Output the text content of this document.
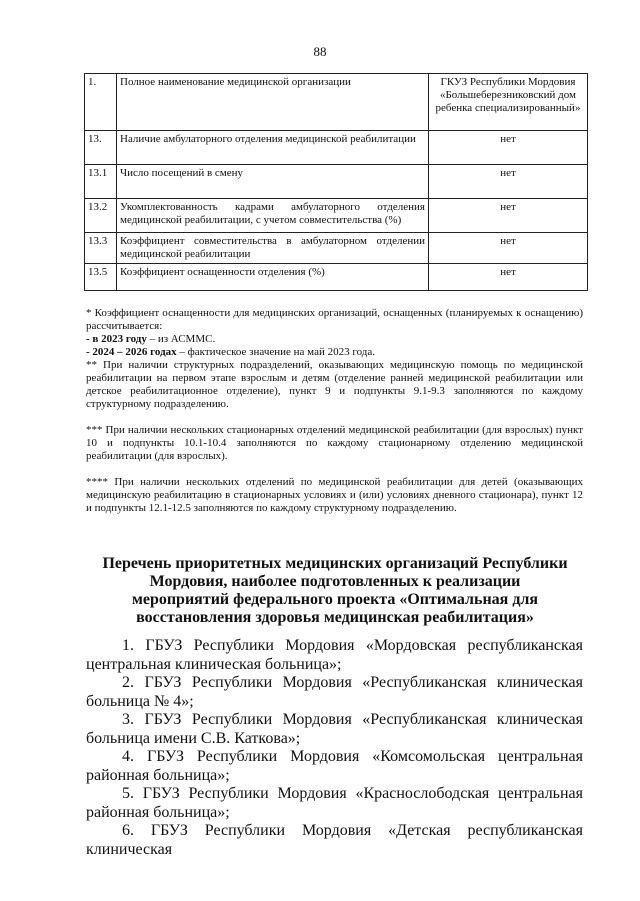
88
1.	Полное наименование медицинской организации	ГКУЗ Республики Мордовия «Большеберезниковский дом ребенка специализированный»
13.	Наличие амбулаторного отделения медицинской реабилитации	нет
13.1	Число посещений в смену	нет
13.2	Укомплектованность кадрами амбулаторного отделения медицинской реабилитации, с учетом совместительства (%)	нет
13.3	Коэффициент совместительства в амбулаторном отделении медицинской реабилитации	нет
13.5	Коэффициент оснащенности отделения (%)	нет

* Коэффициент оснащенности для медицинских организаций, оснащенных (планируемых к оснащению) рассчитывается:

- в 2023 году – из АСММС.

- 2024 – 2026 годах – фактическое значение на май 2023 года.

** При наличии структурных подразделений, оказывающих медицинскую помощь по медицинской реабилитации на первом этапе взрослым и детям (отделение ранней медицинской реабилитации или детское реабилитационное отделение), пункт 9 и подпункты 9.1-9.3 заполняются по каждому структурному подразделению.

*** При наличии нескольких стационарных отделений медицинской реабилитации (для взрослых) пункт 10 и подпункты 10.1-10.4 заполняются по каждому стационарному отделению медицинской реабилитации (для взрослых).

**** При наличии нескольких отделений по медицинской реабилитации для детей (оказывающих медицинскую реабилитацию в стационарных условиях и (или) условиях дневного стационара), пункт 12 и подпункты 12.1-12.5 заполняются по каждому структурному подразделению.

Перечень приоритетных медицинских организаций Республики Мордовия, наиболее подготовленных к реализации мероприятий федерального проекта «Оптимальная для восстановления здоровья медицинская реабилитация»

1. ГБУЗ Республики Мордовия «Мордовская республиканская центральная клиническая больница»;

2. ГБУЗ Республики Мордовия «Республиканская клиническая больница № 4»;

3. ГБУЗ Республики Мордовия «Республиканская клиническая больница имени С.В. Каткова»;

4. ГБУЗ Республики Мордовия «Комсомольская центральная районная больница»;

5. ГБУЗ Республики Мордовия «Краснослободская центральная районная больница»;

6. ГБУЗ Республики Мордовия «Детская республиканская клиническая
